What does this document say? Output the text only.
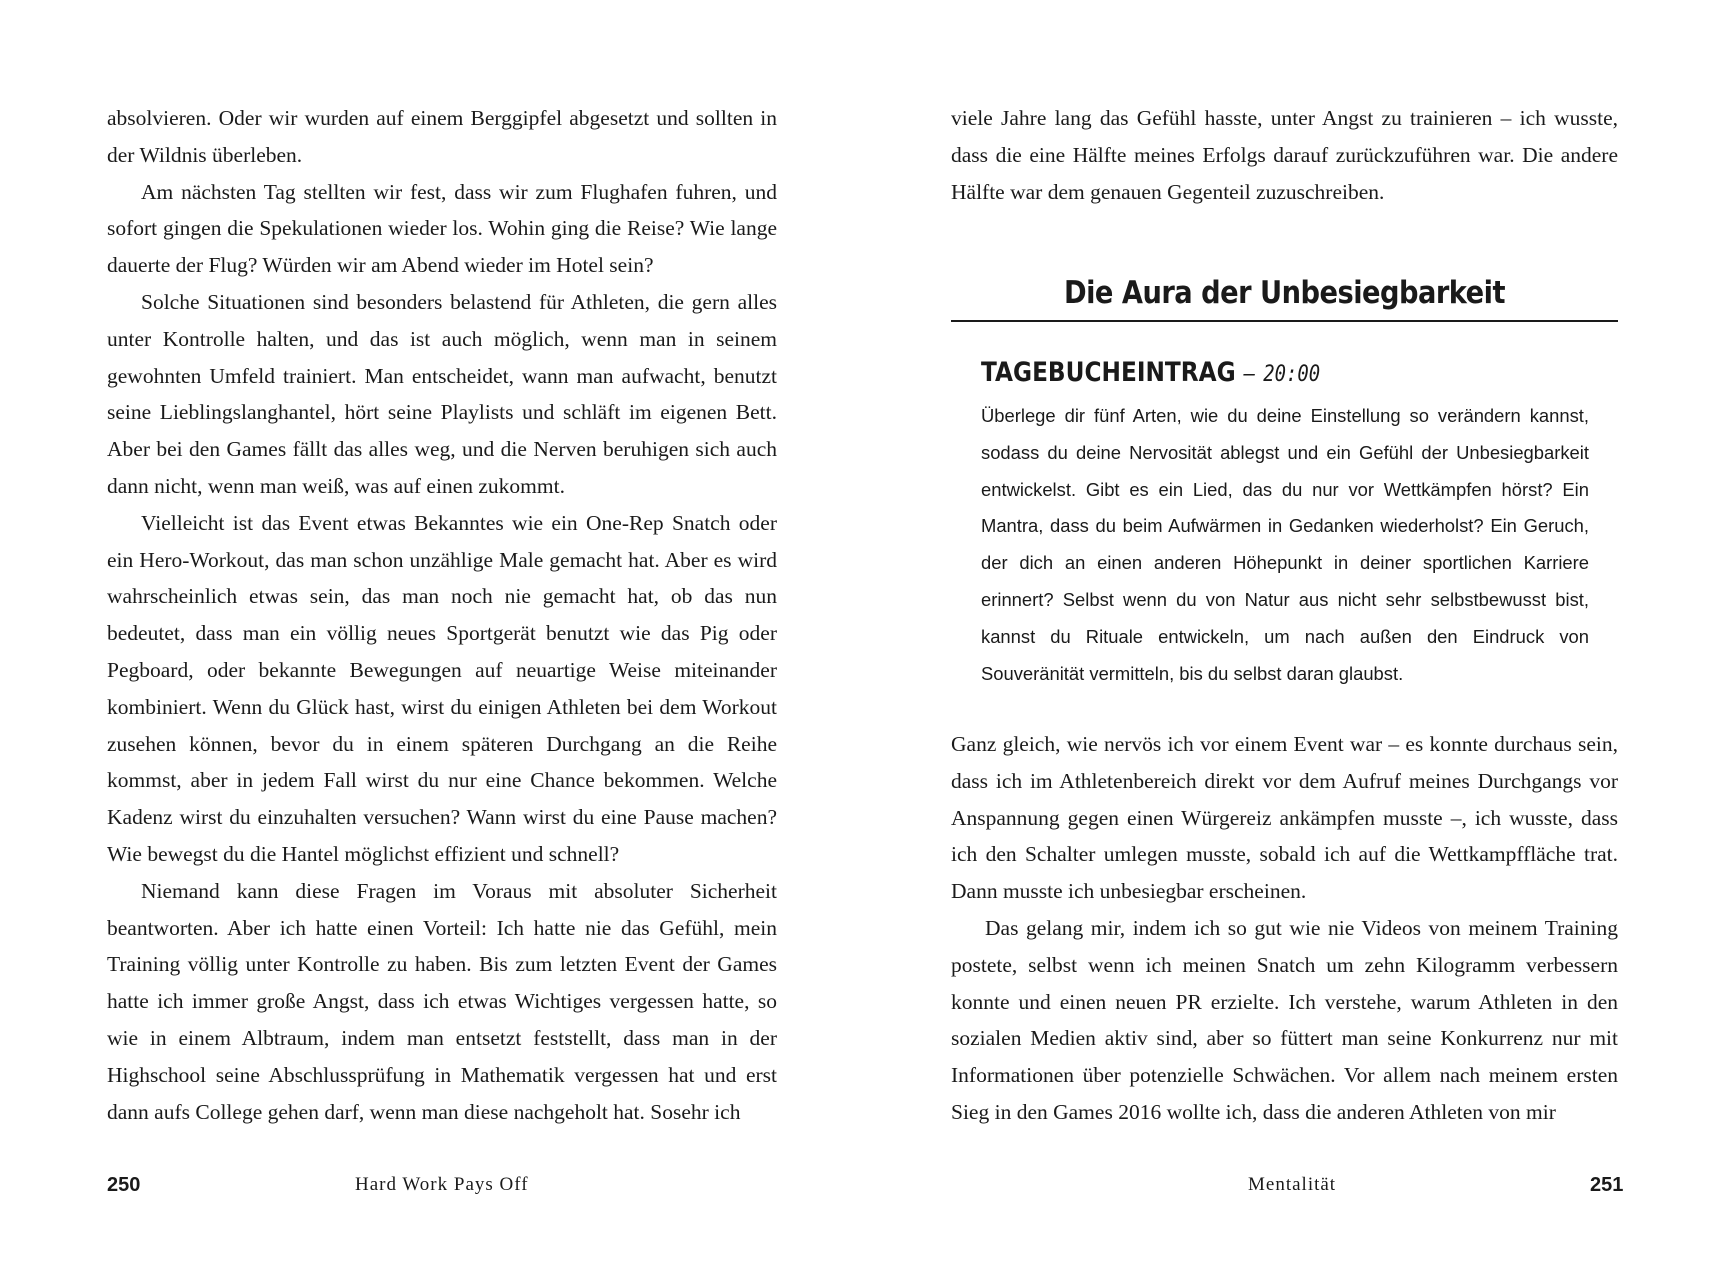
absolvieren. Oder wir wurden auf einem Berggipfel abgesetzt und sollten in der Wildnis überleben.

Am nächsten Tag stellten wir fest, dass wir zum Flughafen fuhren, und sofort gingen die Spekulationen wieder los. Wohin ging die Reise? Wie lange dauerte der Flug? Würden wir am Abend wieder im Hotel sein?

Solche Situationen sind besonders belastend für Athleten, die gern alles unter Kontrolle halten, und das ist auch möglich, wenn man in seinem gewohnten Umfeld trainiert. Man entscheidet, wann man aufwacht, benutzt seine Lieblingslanghantel, hört seine Playlists und schläft im eigenen Bett. Aber bei den Games fällt das alles weg, und die Nerven beruhigen sich auch dann nicht, wenn man weiß, was auf einen zukommt.

Vielleicht ist das Event etwas Bekanntes wie ein One-Rep Snatch oder ein Hero-Workout, das man schon unzählige Male gemacht hat. Aber es wird wahrscheinlich etwas sein, das man noch nie gemacht hat, ob das nun bedeutet, dass man ein völlig neues Sportgerät benutzt wie das Pig oder Pegboard, oder bekannte Bewegungen auf neuartige Weise miteinander kombiniert. Wenn du Glück hast, wirst du einigen Athleten bei dem Workout zusehen können, bevor du in einem späteren Durchgang an die Reihe kommst, aber in jedem Fall wirst du nur eine Chance bekommen. Welche Kadenz wirst du einzuhalten versuchen? Wann wirst du eine Pause machen? Wie bewegst du die Hantel möglichst effizient und schnell?

Niemand kann diese Fragen im Voraus mit absoluter Sicherheit beantworten. Aber ich hatte einen Vorteil: Ich hatte nie das Gefühl, mein Training völlig unter Kontrolle zu haben. Bis zum letzten Event der Games hatte ich immer große Angst, dass ich etwas Wichtiges vergessen hatte, so wie in einem Albtraum, indem man entsetzt feststellt, dass man in der Highschool seine Abschlussprüfung in Mathematik vergessen hat und erst dann aufs College gehen darf, wenn man diese nachgeholt hat. Sosehr ich

250	Hard Work Pays Off

viele Jahre lang das Gefühl hasste, unter Angst zu trainieren – ich wusste, dass die eine Hälfte meines Erfolgs darauf zurückzuführen war. Die andere Hälfte war dem genauen Gegenteil zuzuschreiben.

Die Aura der Unbesiegbarkeit
TAGEBUCHEINTRAG – 20:00

Überlege dir fünf Arten, wie du deine Einstellung so verändern kannst, sodass du deine Nervosität ablegst und ein Gefühl der Unbesiegbarkeit entwickelst. Gibt es ein Lied, das du nur vor Wettkämpfen hörst? Ein Mantra, dass du beim Aufwärmen in Gedanken wiederholst? Ein Geruch, der dich an einen anderen Höhepunkt in deiner sportlichen Karriere erinnert? Selbst wenn du von Natur aus nicht sehr selbstbewusst bist, kannst du Rituale entwickeln, um nach außen den Eindruck von Souveränität vermitteln, bis du selbst daran glaubst.

Ganz gleich, wie nervös ich vor einem Event war – es konnte durchaus sein, dass ich im Athletenbereich direkt vor dem Aufruf meines Durchgangs vor Anspannung gegen einen Würgereiz ankämpfen musste –, ich wusste, dass ich den Schalter umlegen musste, sobald ich auf die Wettkampffläche trat. Dann musste ich unbesiegbar erscheinen.

Das gelang mir, indem ich so gut wie nie Videos von meinem Training postete, selbst wenn ich meinen Snatch um zehn Kilogramm verbessern konnte und einen neuen PR erzielte. Ich verstehe, warum Athleten in den sozialen Medien aktiv sind, aber so füttert man seine Konkurrenz nur mit Informationen über potenzielle Schwächen. Vor allem nach meinem ersten Sieg in den Games 2016 wollte ich, dass die anderen Athleten von mir

Mentalität	251
